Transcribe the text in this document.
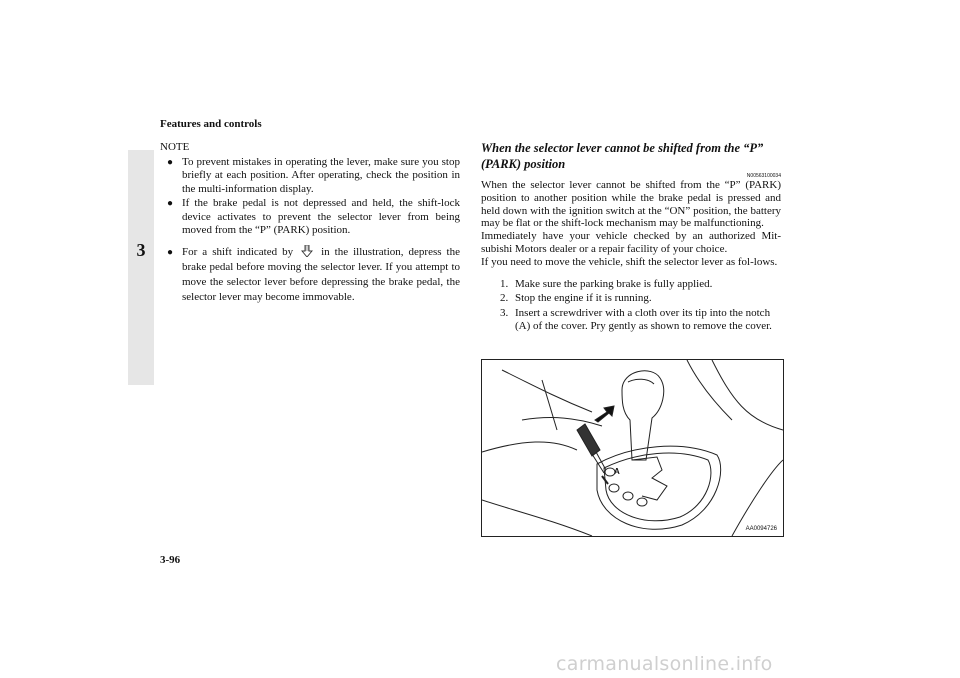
Features and controls
3
NOTE
● To prevent mistakes in operating the lever, make sure you stop briefly at each position. After operating, check the position in the multi-information display.
● If the brake pedal is not depressed and held, the shift-lock device activates to prevent the selector lever from being moved from the “P” (PARK) position.
● For a shift indicated by	in the illustration, depress the brake pedal before moving the selector lever. If you attempt to move the selector lever before depressing the brake pedal, the selector lever may become immovable.
When the selector lever cannot be shifted from the “P” (PARK) position
N00563100034
When the selector lever cannot be shifted from the “P” (PARK) position to another position while the brake pedal is pressed and held down with the ignition switch at the “ON” position, the battery may be flat or the shift-lock mechanism may be malfunctioning.
Immediately have your vehicle checked by an authorized Mit-subishi Motors dealer or a repair facility of your choice.
If you need to move the vehicle, shift the selector lever as fol-lows.
1. Make sure the parking brake is fully applied.
2. Stop the engine if it is running.
3. Insert a screwdriver with a cloth over its tip into the notch (A) of the cover. Pry gently as shown to remove the cover.
A
AA0094726
3-96
carmanualsonline.info
